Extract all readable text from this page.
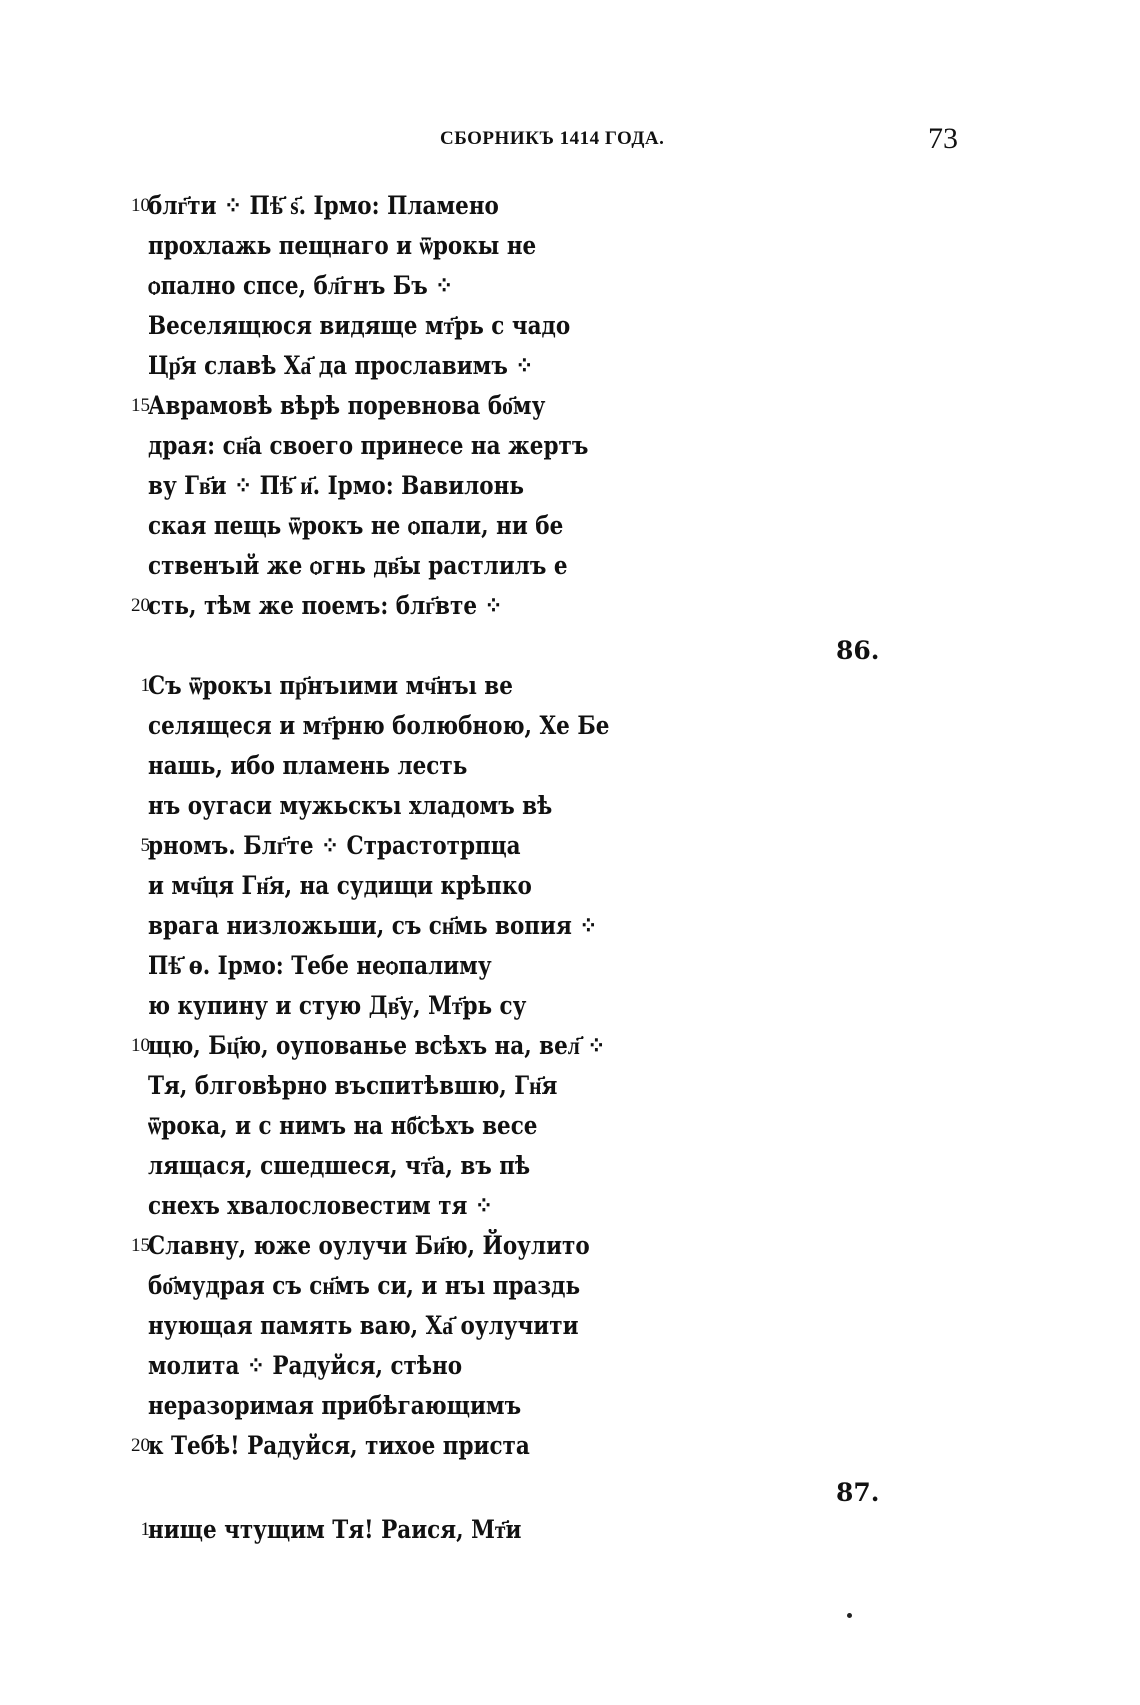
СБОРНИКЪ 1414 ГОДА.	73
10
блг҃ти ⁘ Пѣ҃ ѕ҃. Ірмо: Пламено
прохлажь пещнаго и ѿрокы не
ѻпално спсе, бл҃гнъ Бъ ⁘
Веселящюся видяще мт҃рь с чадо
Цр҃я славѣ Ха҃ да прославимъ ⁘
15
Аврамовѣ вѣрѣ поревнова бо҃му
драя: сн҃а своего принесе на жертъ
ву Гв҃и ⁘ Пѣ҃ и҃. Ірмо: Вавилонь
ская пещь ѿрокъ не ѻпали, ни бе
ственъıй же ѻгнь дв҃ы растлилъ е
20
сть, тѣм же поемъ: блг҃вте ⁘
86.
1
Съ ѿрокъı пр҃нъıими мч҃нъı ве
селящеся и мт҃рню болюбною, Хе Бе
нашь, ибо пламень лесть
нъ оугаси мужьскъı хладомъ вѣ
5
рномъ. Блг҃те ⁘ Страстотрпца
и мч҃ця Гн҃я, на судищи крѣпко
врага низложьши, съ сн҃мь вопия ⁘
Пѣ҃ ѳ. Ірмо: Тебе неѻпалиму
ю купину и стую Дв҃у, Мт҃рь су
10
щю, Бц҃ю, оупованье всѣхъ на, вел҃ ⁘
Тя, блговѣрно въспитѣвшю, Гн҃я
ѿрока, и с нимъ на нб҃сѣхъ весе
лящася, сшедшеся, чт҃а, въ пѣ
снехъ хвалословестим тя ⁘
15
Славну, юже оулучи Би҃ю, Йоулито
бо҃мудрая съ сн҃мъ си, и нъı праздь
нующая память ваю, Ха҃ оулучити
молита ⁘ Радуйся, стѣно
неразоримая прибѣгающимъ
20
к Тебѣ! Радуйся, тихое приста
87.
1
нище чтущим Тя! Раися, Мт҃и
